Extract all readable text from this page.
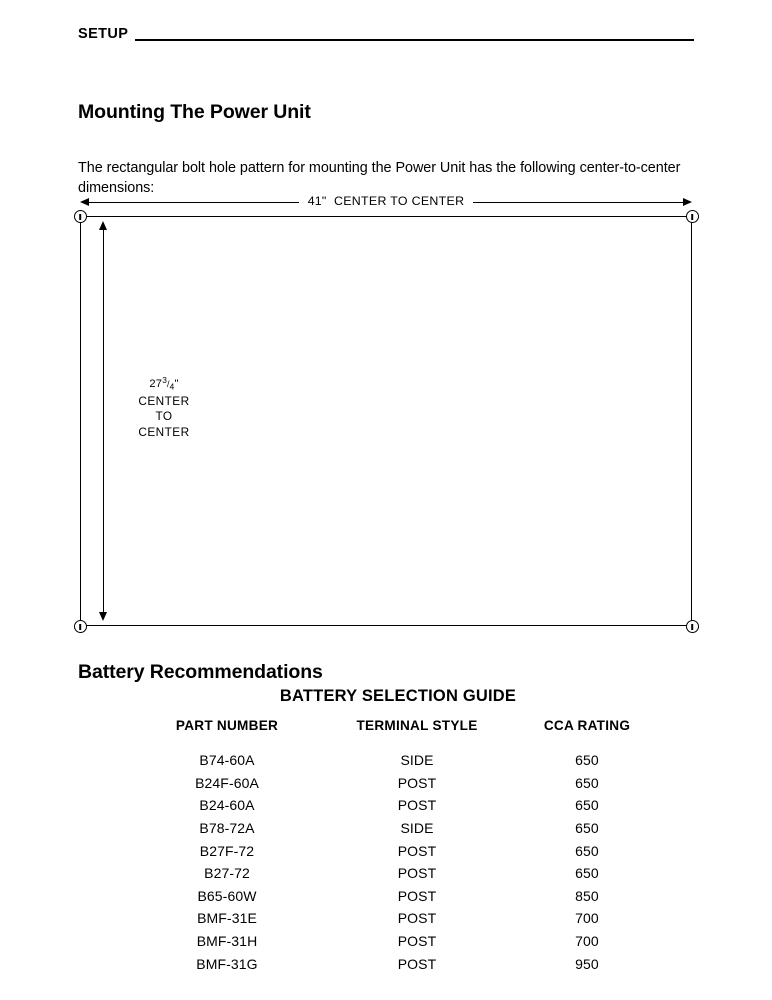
SETUP
Mounting The Power Unit

The rectangular bolt hole pattern for mounting the Power Unit has the following center-to-center dimensions:

41" CENTER TO CENTER
$27^3/_4$"
CENTER
TO
CENTER
Battery Recommendations
BATTERY SELECTION GUIDE
PART NUMBER	TERMINAL STYLE	CCA RATING
B74-60A	SIDE	650
B24F-60A	POST	650
B24-60A	POST	650
B78-72A	SIDE	650
B27F-72	POST	650
B27-72	POST	650
B65-60W	POST	850
BMF-31E	POST	700
BMF-31H	POST	700
BMF-31G	POST	950
